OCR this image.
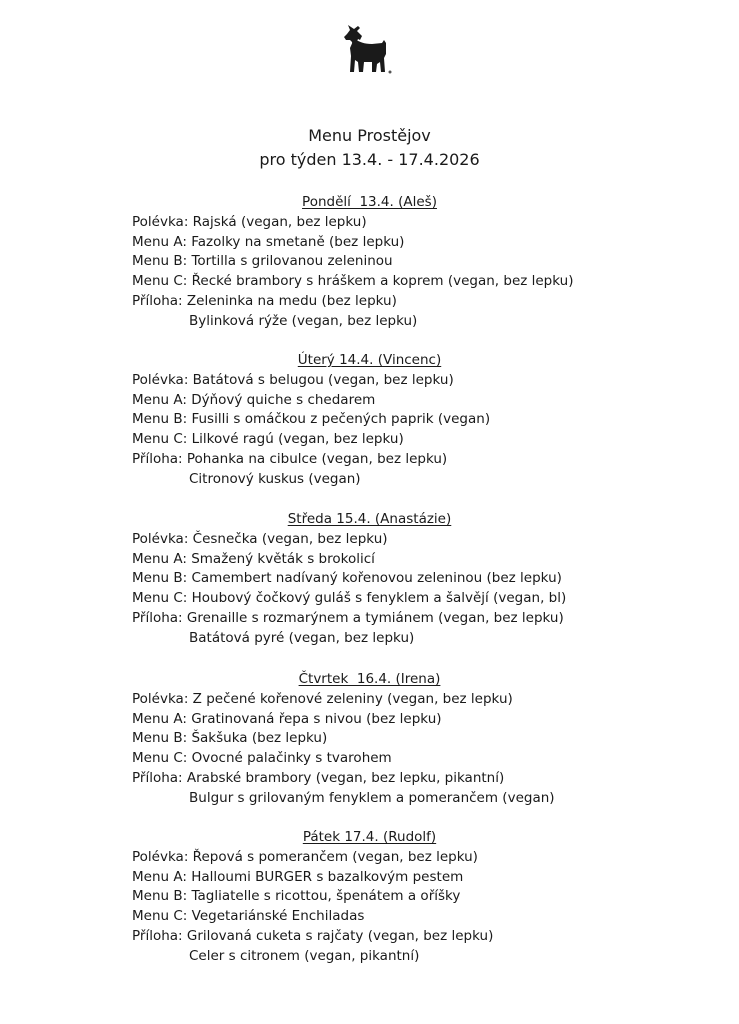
Menu Prostějov
pro týden 13.4. - 17.4.2026
Pondělí  13.4. (Aleš)
Polévka: Rajská (vegan, bez lepku)
Menu A: Fazolky na smetaně (bez lepku)
Menu B: Tortilla s grilovanou zeleninou
Menu C: Řecké brambory s hráškem a koprem (vegan, bez lepku)
Příloha: Zeleninka na medu (bez lepku)
Bylinková rýže (vegan, bez lepku)
Úterý 14.4. (Vincenc)
Polévka: Batátová s belugou (vegan, bez lepku)
Menu A: Dýňový quiche s chedarem
Menu B: Fusilli s omáčkou z pečených paprik (vegan)
Menu C: Lilkové ragú (vegan, bez lepku)
Příloha: Pohanka na cibulce (vegan, bez lepku)
Citronový kuskus (vegan)
Středa 15.4. (Anastázie)
Polévka: Česnečka (vegan, bez lepku)
Menu A: Smažený květák s brokolicí
Menu B: Camembert nadívaný kořenovou zeleninou (bez lepku)
Menu C: Houbový čočkový guláš s fenyklem a šalvějí (vegan, bl)
Příloha: Grenaille s rozmarýnem a tymiánem (vegan, bez lepku)
Batátová pyré (vegan, bez lepku)
Čtvrtek  16.4. (Irena)
Polévka: Z pečené kořenové zeleniny (vegan, bez lepku)
Menu A: Gratinovaná řepa s nivou (bez lepku)
Menu B: Šakšuka (bez lepku)
Menu C: Ovocné palačinky s tvarohem
Příloha: Arabské brambory (vegan, bez lepku, pikantní)
Bulgur s grilovaným fenyklem a pomerančem (vegan)
Pátek 17.4. (Rudolf)
Polévka: Řepová s pomerančem (vegan, bez lepku)
Menu A: Halloumi BURGER s bazalkovým pestem
Menu B: Tagliatelle s ricottou, špenátem a oříšky
Menu C: Vegetariánské Enchiladas
Příloha: Grilovaná cuketa s rajčaty (vegan, bez lepku)
Celer s citronem (vegan, pikantní)
